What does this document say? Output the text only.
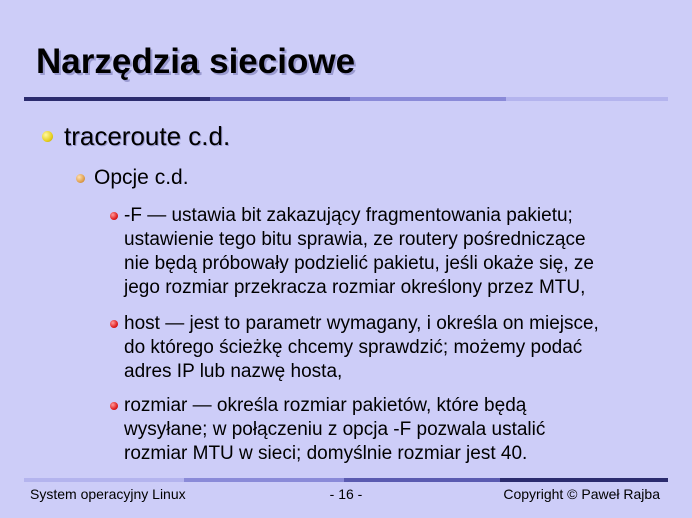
Narzędzia sieciowe
traceroute c.d.
Opcje c.d.
-F — ustawia bit zakazujący fragmentowania pakietu;
ustawienie tego bitu sprawia, ze routery pośredniczące
nie będą próbowały podzielić pakietu, jeśli okaże się, ze
jego rozmiar przekracza rozmiar określony przez MTU,
host — jest to parametr wymagany, i określa on miejsce,
do którego ścieżkę chcemy sprawdzić; możemy podać
adres IP lub nazwę hosta,
rozmiar — określa rozmiar pakietów, które będą
wysyłane; w połączeniu z opcja -F pozwala ustalić
rozmiar MTU w sieci; domyślnie rozmiar jest 40.
System operacyjny Linux	- 16 -	Copyright © Paweł Rajba
